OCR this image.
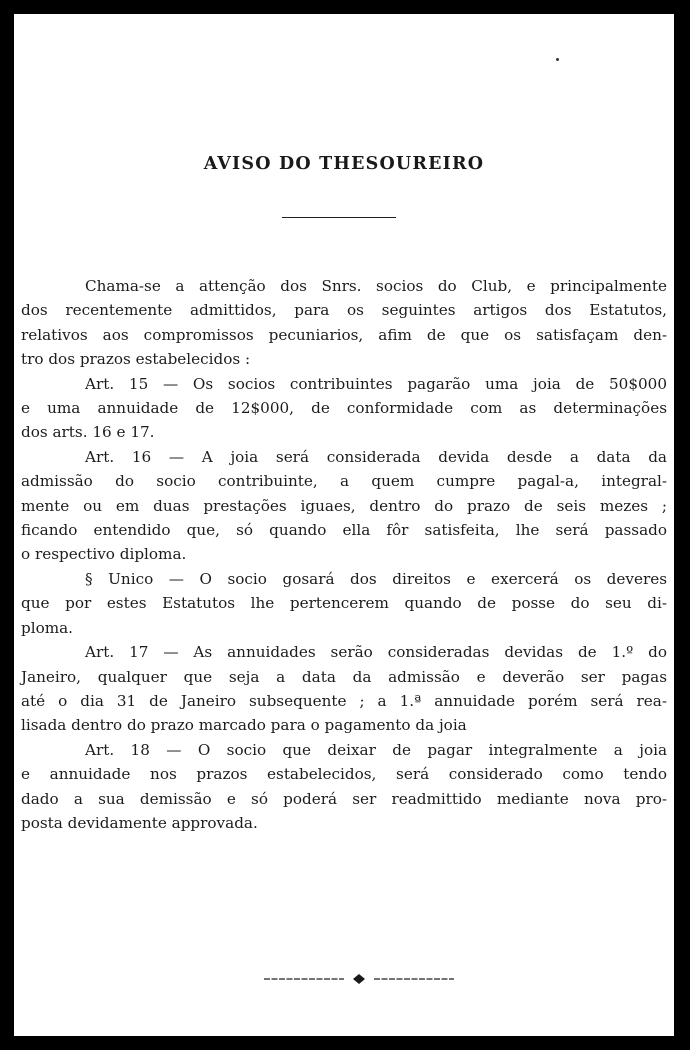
AVISO DO THESOUREIRO
Chama-se a attenção dos Snrs. socios do Club, e principalmente
dos recentemente admittidos, para os seguintes artigos dos Estatutos,
relativos aos compromissos pecuniarios, afim de que os satisfaçam den-
tro dos prazos estabelecidos :
Art. 15 — Os socios contribuintes pagarão uma joia de 50$000
e uma annuidade de 12$000, de conformidade com as determinações
dos arts. 16 e 17.
Art. 16 — A joia será considerada devida desde a data da
admissão do socio contribuinte, a quem cumpre pagal-a, integral-
mente ou em duas prestações iguaes, dentro do prazo de seis mezes ;
ficando entendido que, só quando ella fôr satisfeita, lhe será passado
o respectivo diploma.
§ Unico — O socio gosará dos direitos e exercerá os deveres
que por estes Estatutos lhe pertencerem quando de posse do seu di-
ploma.
Art. 17 — As annuidades serão consideradas devidas de 1.º do
Janeiro, qualquer que seja a data da admissão e deverão ser pagas
até o dia 31 de Janeiro subsequente ; a 1.ª annuidade porém será rea-
lisada dentro do prazo marcado para o pagamento da joia
Art. 18 — O socio que deixar de pagar integralmente a joia
e annuidade nos prazos estabelecidos, será considerado como tendo
dado a sua demissão e só poderá ser readmittido mediante nova pro-
posta devidamente approvada.
